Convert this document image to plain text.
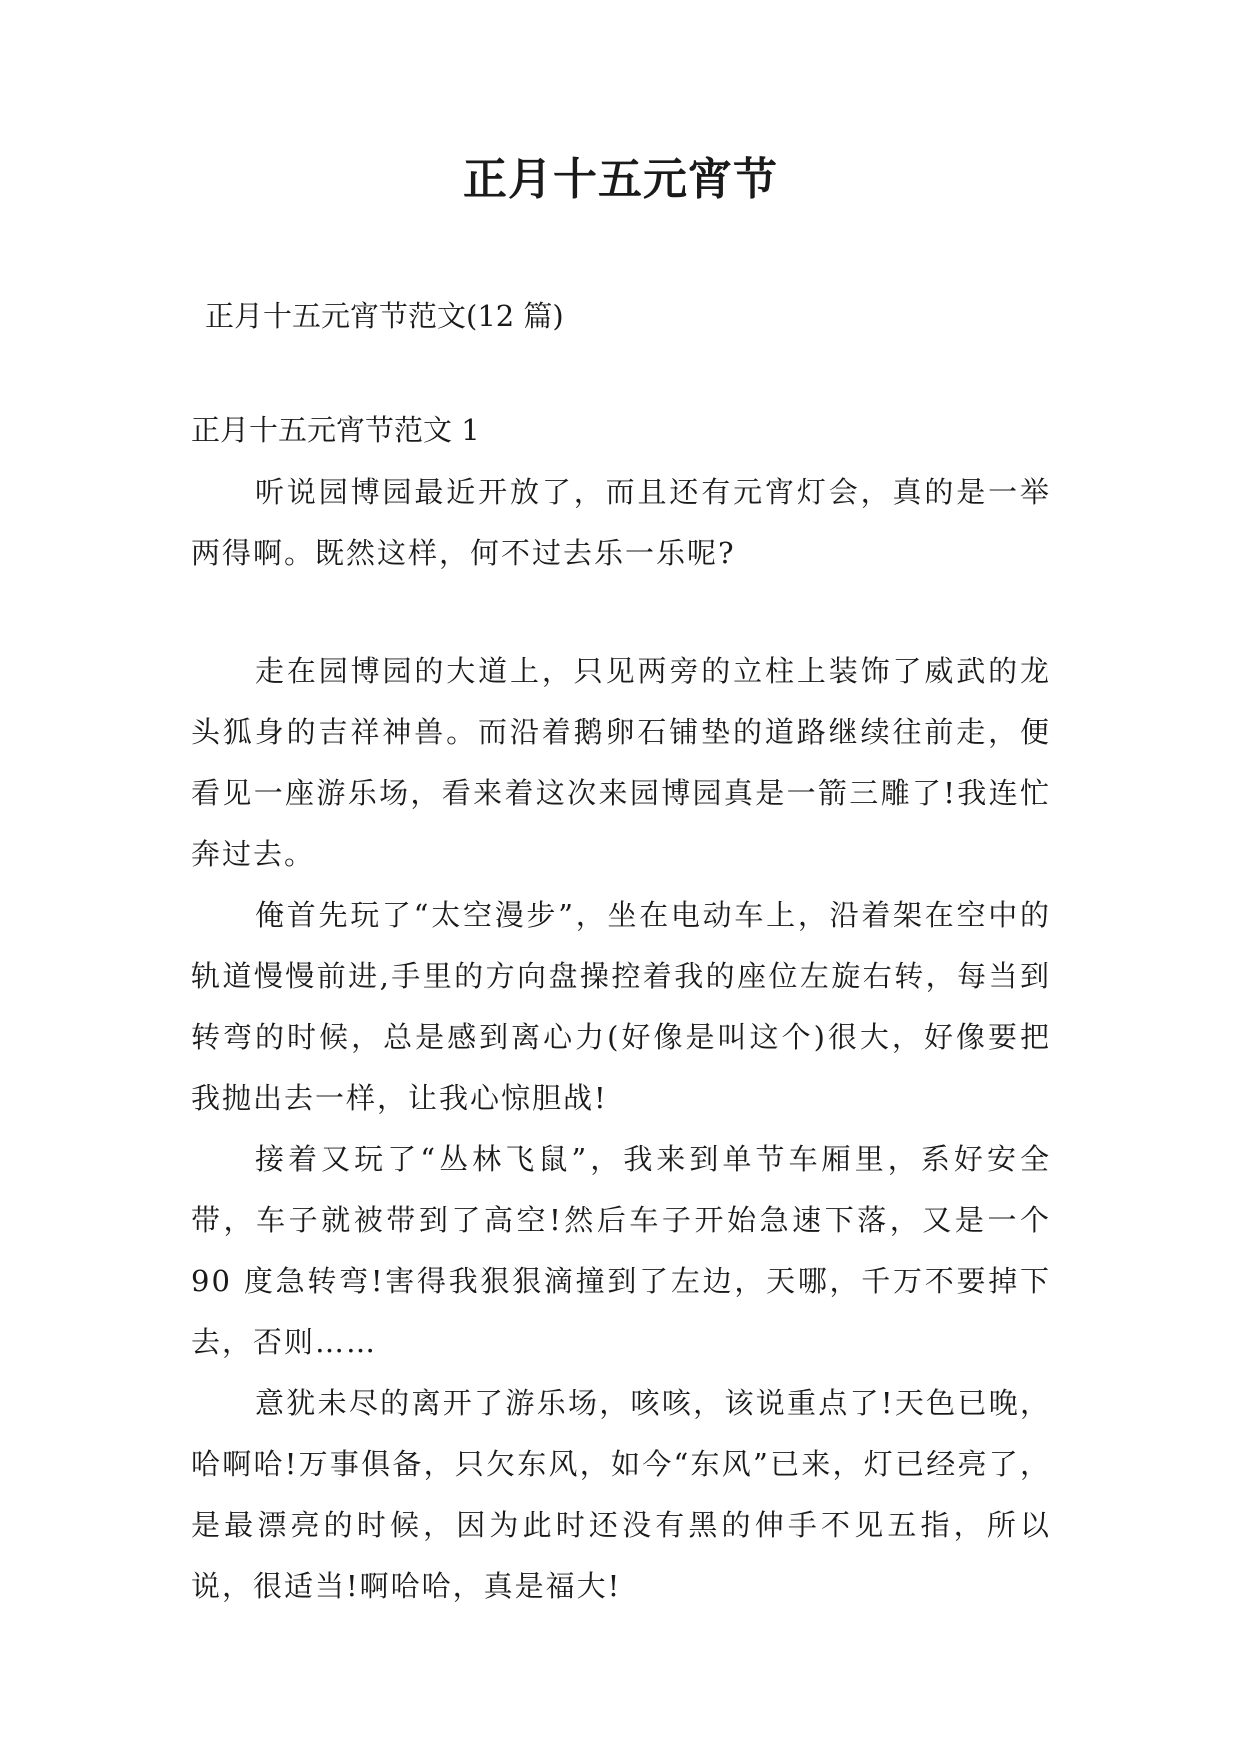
正月十五元宵节
正月十五元宵节范文(12 篇)
正月十五元宵节范文 1

听说园博园最近开放了，而且还有元宵灯会，真的是一举两得啊。既然这样，何不过去乐一乐呢?

走在园博园的大道上，只见两旁的立柱上装饰了威武的龙头狐身的吉祥神兽。而沿着鹅卵石铺垫的道路继续往前走，便看见一座游乐场，看来着这次来园博园真是一箭三雕了!我连忙奔过去。

俺首先玩了“太空漫步”，坐在电动车上，沿着架在空中的轨道慢慢前进,手里的方向盘操控着我的座位左旋右转，每当到转弯的时候，总是感到离心力(好像是叫这个)很大，好像要把我抛出去一样，让我心惊胆战!

接着又玩了“丛林飞鼠”，我来到单节车厢里，系好安全带，车子就被带到了高空!然后车子开始急速下落，又是一个 90 度急转弯!害得我狠狠滴撞到了左边，天哪，千万不要掉下去，否则……

意犹未尽的离开了游乐场，咳咳，该说重点了!天色已晚，哈啊哈!万事俱备，只欠东风，如今“东风”已来，灯已经亮了，是最漂亮的时候，因为此时还没有黑的伸手不见五指，所以说，很适当!啊哈哈，真是福大!
